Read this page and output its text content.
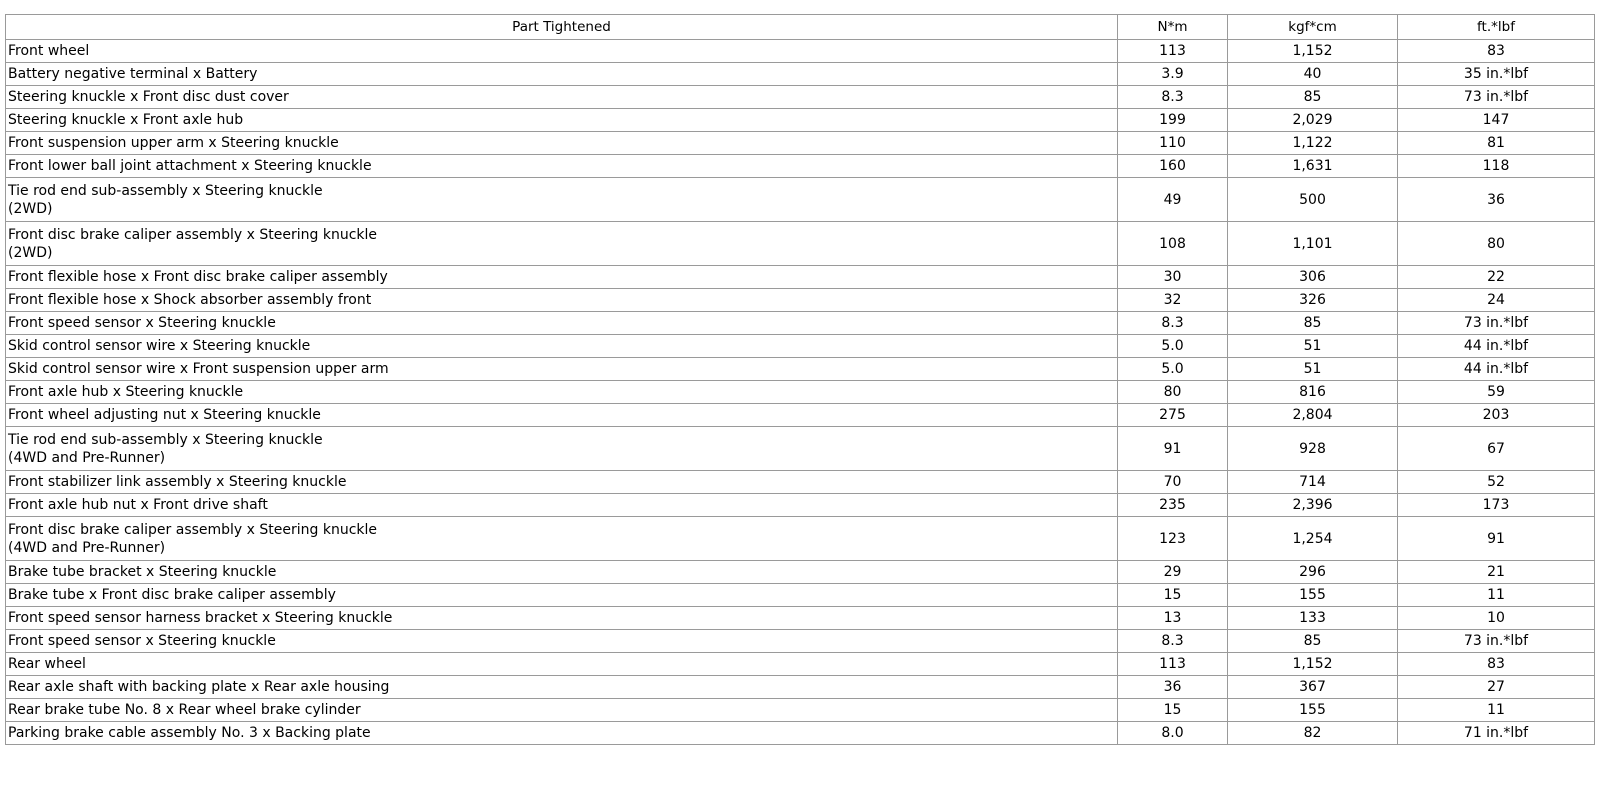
Part Tightened	N*m	kgf*cm	ft.*lbf
Front wheel	113	1,152	83
Battery negative terminal x Battery	3.9	40	35 in.*lbf
Steering knuckle x Front disc dust cover	8.3	85	73 in.*lbf
Steering knuckle x Front axle hub	199	2,029	147
Front suspension upper arm x Steering knuckle	110	1,122	81
Front lower ball joint attachment x Steering knuckle	160	1,631	118
Tie rod end sub-assembly x Steering knuckle
(2WD)	49	500	36
Front disc brake caliper assembly x Steering knuckle
(2WD)	108	1,101	80
Front flexible hose x Front disc brake caliper assembly	30	306	22
Front flexible hose x Shock absorber assembly front	32	326	24
Front speed sensor x Steering knuckle	8.3	85	73 in.*lbf
Skid control sensor wire x Steering knuckle	5.0	51	44 in.*lbf
Skid control sensor wire x Front suspension upper arm	5.0	51	44 in.*lbf
Front axle hub x Steering knuckle	80	816	59
Front wheel adjusting nut x Steering knuckle	275	2,804	203
Tie rod end sub-assembly x Steering knuckle
(4WD and Pre-Runner)	91	928	67
Front stabilizer link assembly x Steering knuckle	70	714	52
Front axle hub nut x Front drive shaft	235	2,396	173
Front disc brake caliper assembly x Steering knuckle
(4WD and Pre-Runner)	123	1,254	91
Brake tube bracket x Steering knuckle	29	296	21
Brake tube x Front disc brake caliper assembly	15	155	11
Front speed sensor harness bracket x Steering knuckle	13	133	10
Front speed sensor x Steering knuckle	8.3	85	73 in.*lbf
Rear wheel	113	1,152	83
Rear axle shaft with backing plate x Rear axle housing	36	367	27
Rear brake tube No. 8 x Rear wheel brake cylinder	15	155	11
Parking brake cable assembly No. 3 x Backing plate	8.0	82	71 in.*lbf
